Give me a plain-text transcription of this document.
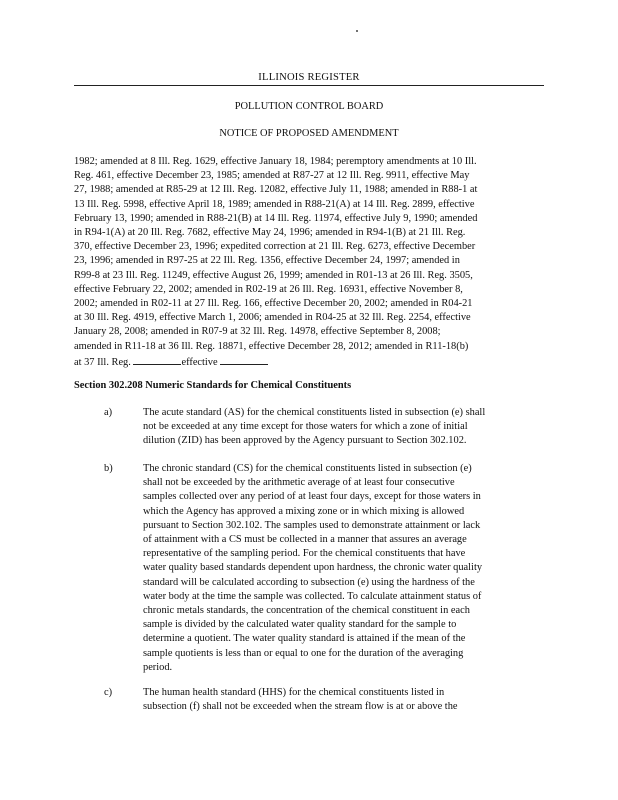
ILLINOIS REGISTER
POLLUTION CONTROL BOARD
NOTICE OF PROPOSED AMENDMENT
1982; amended at 8 Ill. Reg. 1629, effective January 18, 1984; peremptory amendments at 10 Ill.
Reg. 461, effective December 23, 1985; amended at R87-27 at 12 Ill. Reg. 9911, effective May
27, 1988; amended at R85-29 at 12 Ill. Reg. 12082, effective July 11, 1988; amended in R88-1 at
13 Ill. Reg. 5998, effective April 18, 1989; amended in R88-21(A) at 14 Ill. Reg. 2899, effective
February 13, 1990; amended in R88-21(B) at 14 Ill. Reg. 11974, effective July 9, 1990; amended
in R94-1(A) at 20 Ill. Reg. 7682, effective May 24, 1996; amended in R94-1(B) at 21 Ill. Reg.
370, effective December 23, 1996; expedited correction at 21 Ill. Reg. 6273, effective December
23, 1996; amended in R97-25 at 22 Ill. Reg. 1356, effective December 24, 1997; amended in
R99-8 at 23 Ill. Reg. 11249, effective August 26, 1999; amended in R01-13 at 26 Ill. Reg. 3505,
effective February 22, 2002; amended in R02-19 at 26 Ill. Reg. 16931, effective November 8,
2002; amended in R02-11 at 27 Ill. Reg. 166, effective December 20, 2002; amended in R04-21
at 30 Ill. Reg. 4919, effective March 1, 2006; amended in R04-25 at 32 Ill. Reg. 2254, effective
January 28, 2008; amended in R07-9 at 32 Ill. Reg. 14978, effective September 8, 2008;
amended in R11-18 at 36 Ill. Reg. 18871, effective December 28, 2012; amended in R11-18(b)
at 37 Ill. Reg.	effective
Section 302.208 Numeric Standards for Chemical Constituents
a)	The acute standard (AS) for the chemical constituents listed in subsection (e) shall
not be exceeded at any time except for those waters for which a zone of initial
dilution (ZID) has been approved by the Agency pursuant to Section 302.102.
b)	The chronic standard (CS) for the chemical constituents listed in subsection (e)
shall not be exceeded by the arithmetic average of at least four consecutive
samples collected over any period of at least four days, except for those waters in
which the Agency has approved a mixing zone or in which mixing is allowed
pursuant to Section 302.102. The samples used to demonstrate attainment or lack
of attainment with a CS must be collected in a manner that assures an average
representative of the sampling period. For the chemical constituents that have
water quality based standards dependent upon hardness, the chronic water quality
standard will be calculated according to subsection (e) using the hardness of the
water body at the time the sample was collected. To calculate attainment status of
chronic metals standards, the concentration of the chemical constituent in each
sample is divided by the calculated water quality standard for the sample to
determine a quotient. The water quality standard is attained if the mean of the
sample quotients is less than or equal to one for the duration of the averaging
period.
c)	The human health standard (HHS) for the chemical constituents listed in
subsection (f) shall not be exceeded when the stream flow is at or above the
